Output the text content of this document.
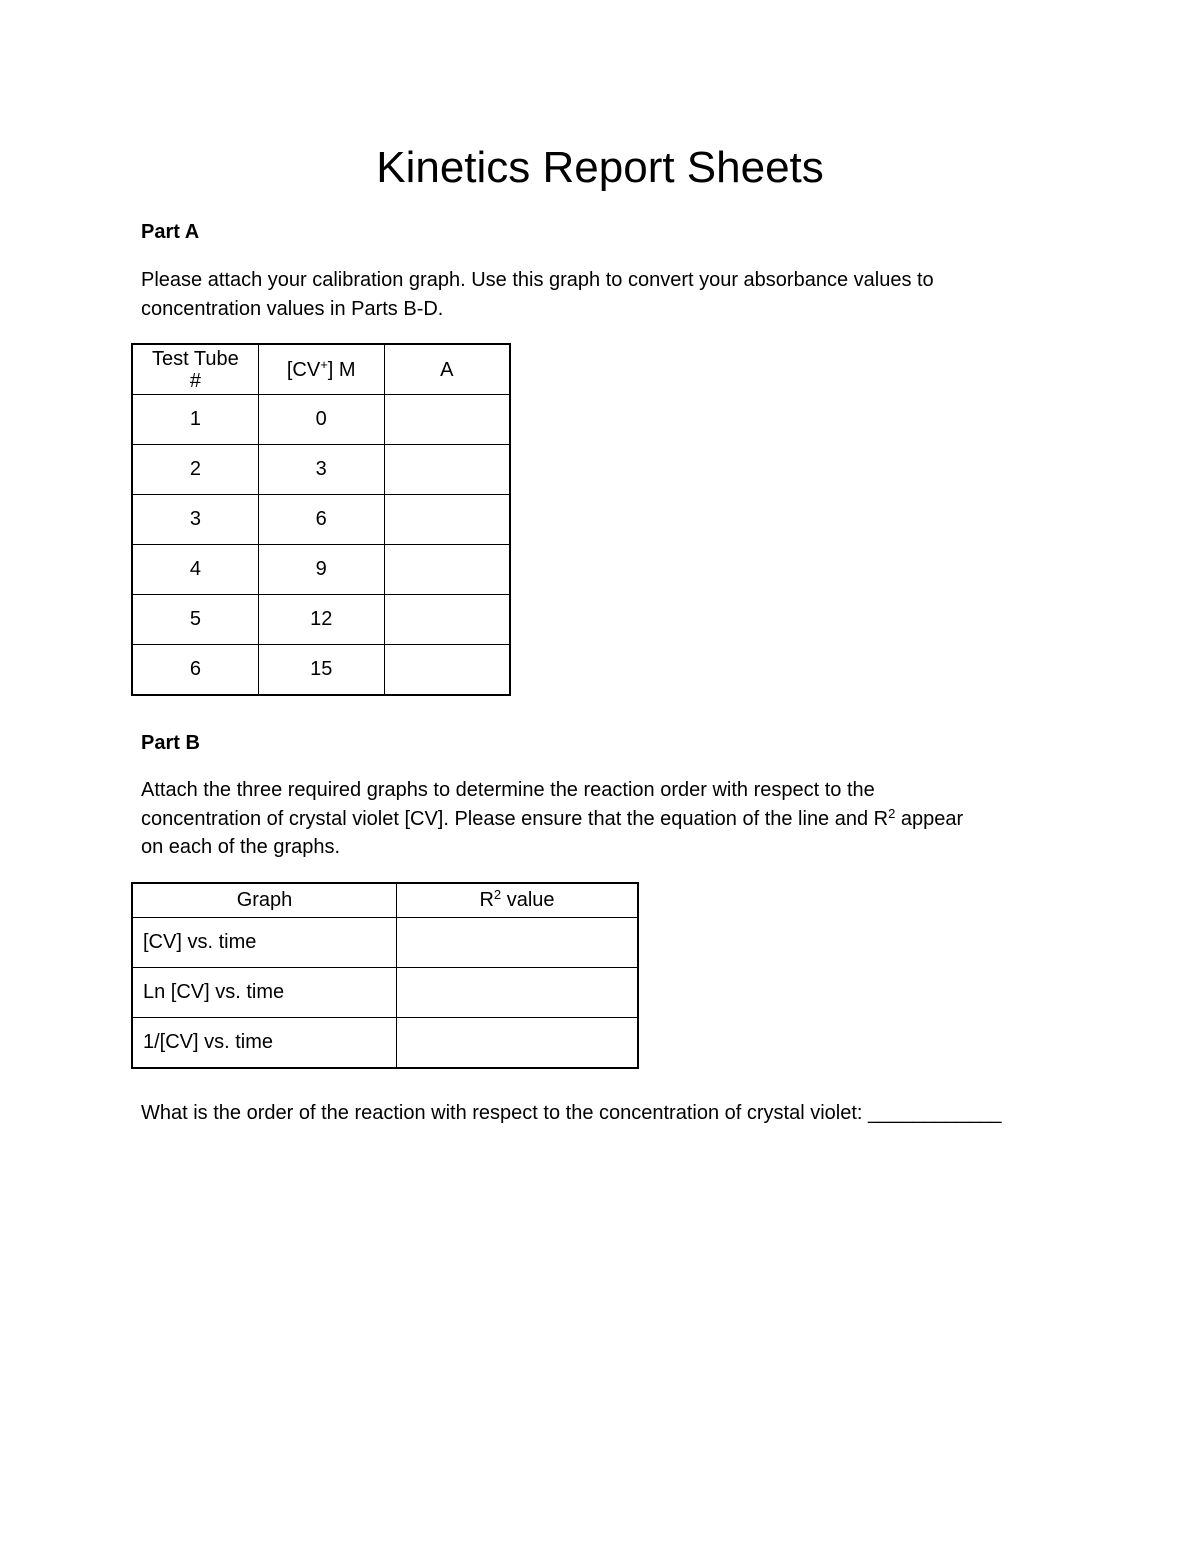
Kinetics Report Sheets
Part A
Please attach your calibration graph. Use this graph to convert your absorbance values to
concentration values in Parts B-D.
Test Tube
#	[CV+] M	A
1	0	
2	3	
3	6	
4	9	
5	12	
6	15	
Part B
Attach the three required graphs to determine the reaction order with respect to the
concentration of crystal violet [CV]. Please ensure that the equation of the line and $R^2$ appear
on each of the graphs.
Graph	$R^2$ value
[CV] vs. time	
Ln [CV] vs. time	
1/[CV] vs. time	
What is the order of the reaction with respect to the concentration of crystal violet: ____________
